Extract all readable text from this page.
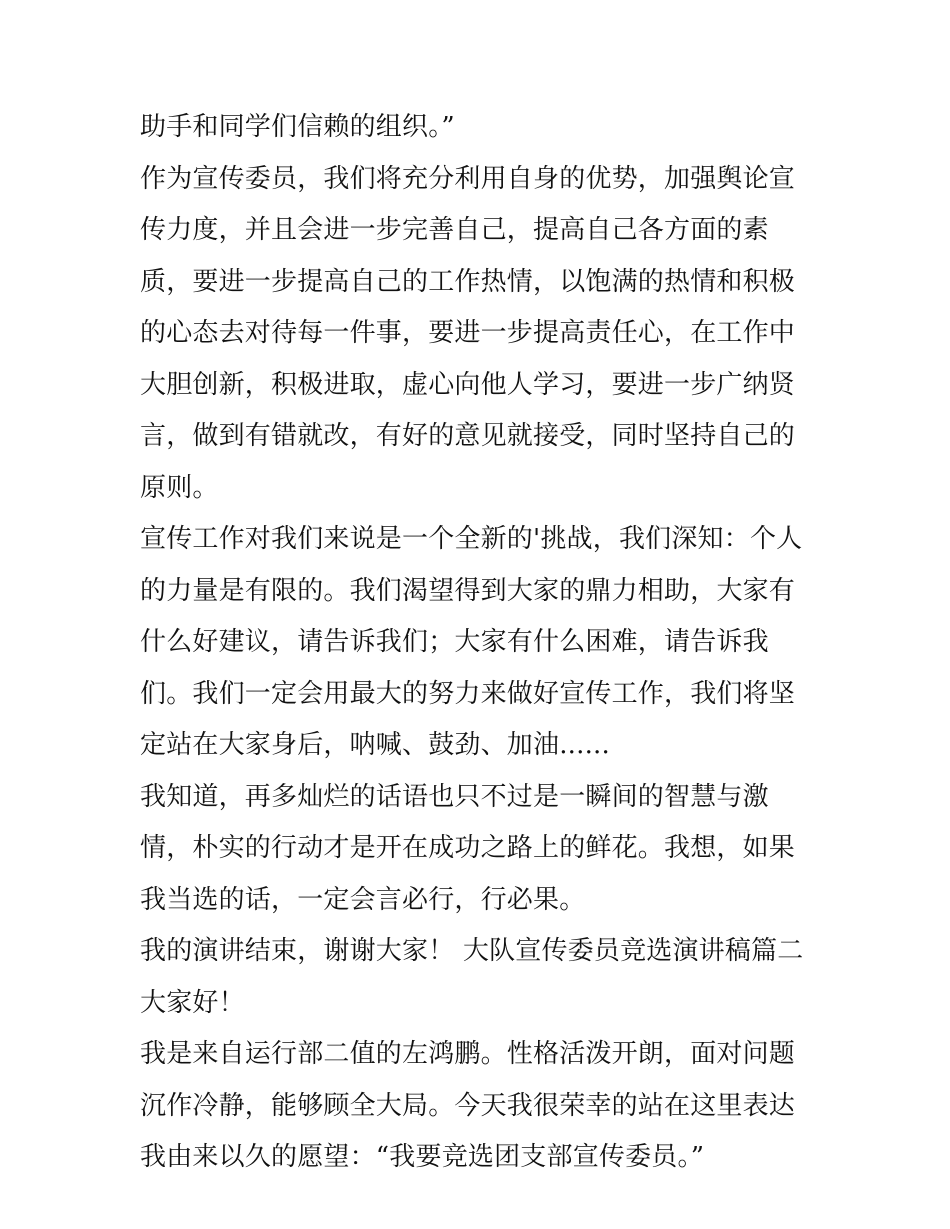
助手和同学们信赖的组织。”

作为宣传委员，我们将充分利用自身的优势，加强舆论宣传力度，并且会进一步完善自己，提高自己各方面的素质，要进一步提高自己的工作热情，以饱满的热情和积极的心态去对待每一件事，要进一步提高责任心，在工作中大胆创新，积极进取，虚心向他人学习，要进一步广纳贤言，做到有错就改，有好的意见就接受，同时坚持自己的原则。

宣传工作对我们来说是一个全新的'挑战，我们深知：个人的力量是有限的。我们渴望得到大家的鼎力相助，大家有什么好建议，请告诉我们；大家有什么困难，请告诉我们。我们一定会用最大的努力来做好宣传工作，我们将坚定站在大家身后，呐喊、鼓劲、加油......

我知道，再多灿烂的话语也只不过是一瞬间的智慧与激情，朴实的行动才是开在成功之路上的鲜花。我想，如果我当选的话，一定会言必行，行必果。

我的演讲结束，谢谢大家！ 大队宣传委员竞选演讲稿篇二 大家好！

我是来自运行部二值的左鸿鹏。性格活泼开朗，面对问题沉作冷静，能够顾全大局。今天我很荣幸的站在这里表达我由来以久的愿望：“我要竞选团支部宣传委员。”
